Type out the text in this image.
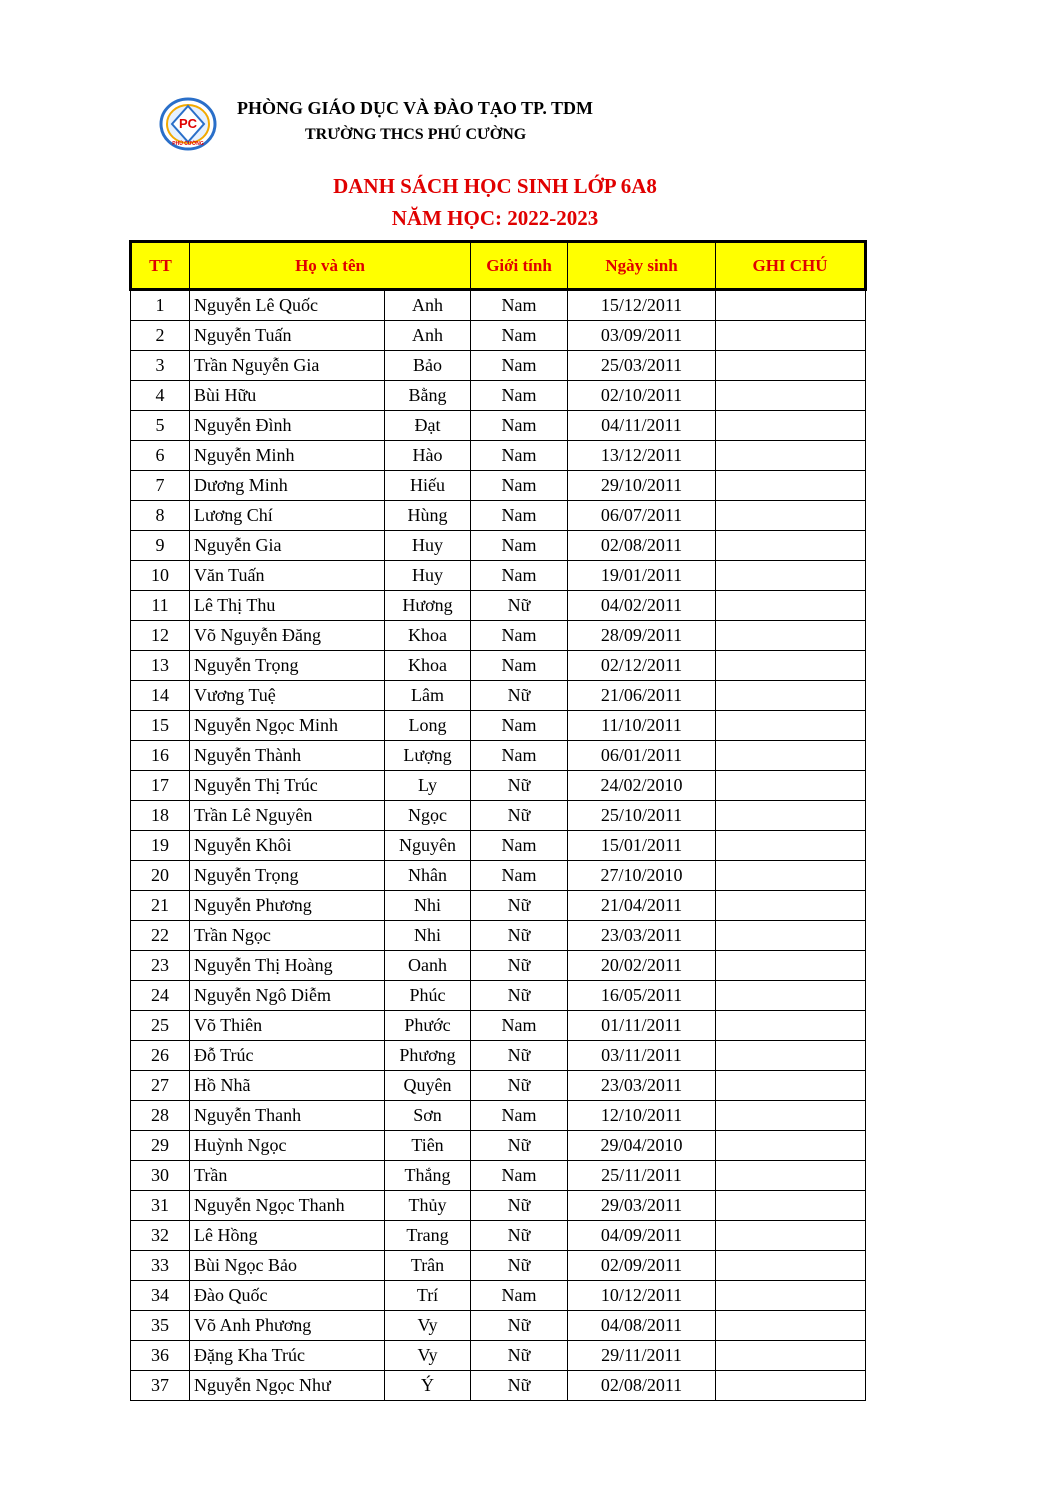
PC
PHÚ CƯỜNG
PHÒNG GIÁO DỤC VÀ ĐÀO TẠO TP. TDM
TRƯỜNG THCS PHÚ CƯỜNG
DANH SÁCH HỌC SINH LỚP 6A8
NĂM HỌC: 2022-2023
TT	Họ và tên		Giới tính	Ngày sinh	GHI CHÚ
1	Nguyễn Lê Quốc	Anh	Nam	15/12/2011	
2	Nguyễn Tuấn	Anh	Nam	03/09/2011	
3	Trần Nguyễn Gia	Bảo	Nam	25/03/2011	
4	Bùi Hữu	Bằng	Nam	02/10/2011	
5	Nguyễn Đình	Đạt	Nam	04/11/2011	
6	Nguyễn Minh	Hào	Nam	13/12/2011	
7	Dương Minh	Hiếu	Nam	29/10/2011	
8	Lương Chí	Hùng	Nam	06/07/2011	
9	Nguyễn Gia	Huy	Nam	02/08/2011	
10	Văn Tuấn	Huy	Nam	19/01/2011	
11	Lê Thị Thu	Hương	Nữ	04/02/2011	
12	Võ Nguyễn Đăng	Khoa	Nam	28/09/2011	
13	Nguyễn Trọng	Khoa	Nam	02/12/2011	
14	Vương Tuệ	Lâm	Nữ	21/06/2011	
15	Nguyễn Ngọc Minh	Long	Nam	11/10/2011	
16	Nguyễn Thành	Lượng	Nam	06/01/2011	
17	Nguyễn Thị Trúc	Ly	Nữ	24/02/2010	
18	Trần Lê Nguyên	Ngọc	Nữ	25/10/2011	
19	Nguyễn Khôi	Nguyên	Nam	15/01/2011	
20	Nguyễn Trọng	Nhân	Nam	27/10/2010	
21	Nguyễn Phương	Nhi	Nữ	21/04/2011	
22	Trần Ngọc	Nhi	Nữ	23/03/2011	
23	Nguyễn Thị Hoàng	Oanh	Nữ	20/02/2011	
24	Nguyễn Ngô Diễm	Phúc	Nữ	16/05/2011	
25	Võ Thiên	Phước	Nam	01/11/2011	
26	Đỗ Trúc	Phương	Nữ	03/11/2011	
27	Hồ Nhã	Quyên	Nữ	23/03/2011	
28	Nguyễn Thanh	Sơn	Nam	12/10/2011	
29	Huỳnh Ngọc	Tiên	Nữ	29/04/2010	
30	Trần	Thắng	Nam	25/11/2011	
31	Nguyễn Ngọc Thanh	Thủy	Nữ	29/03/2011	
32	Lê Hồng	Trang	Nữ	04/09/2011	
33	Bùi Ngọc Bảo	Trân	Nữ	02/09/2011	
34	Đào Quốc	Trí	Nam	10/12/2011	
35	Võ Anh Phương	Vy	Nữ	04/08/2011	
36	Đặng Kha Trúc	Vy	Nữ	29/11/2011	
37	Nguyễn Ngọc Như	Ý	Nữ	02/08/2011	
